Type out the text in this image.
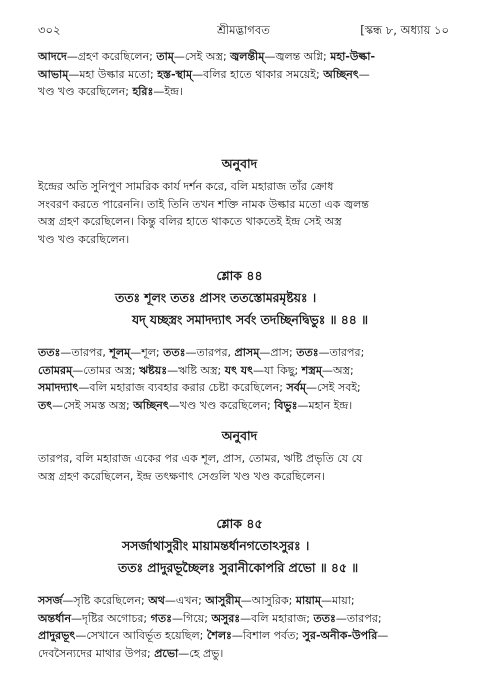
৩০২	শ্রীমদ্ভাগবত	[স্কন্ধ ৮, অধ্যায় ১০
আদদে—গ্রহণ করেছিলেন; তাম্—সেই অস্ত্র; জ্বলন্তীম্—জ্বলন্ত অগ্নি; মহা-উল্কা-
আভাম্—মহা উল্কার মতো; হস্ত-স্থাম্—বলির হাতে থাকার সময়েই; অচ্ছিনৎ—
খণ্ড খণ্ড করেছিলেন; হরিঃ—ইন্দ্র।
অনুবাদ
ইন্দ্রের অতি সুনিপুণ সামরিক কার্য দর্শন করে, বলি মহারাজ তাঁর ক্রোধ
সংবরণ করতে পারেননি। তাই তিনি তখন শক্তি নামক উল্কার মতো এক জ্বলন্ত
অস্ত্র গ্রহণ করেছিলেন। কিন্তু বলির হাতে থাকতে থাকতেই ইন্দ্র সেই অস্ত্র
খণ্ড খণ্ড করেছিলেন।
শ্লোক ৪৪
ততঃ শূলং ততঃ প্রাসং ততস্তোমরমৃষ্টয়ঃ ।
যদ্ যচ্ছস্ত্রং সমাদদ্যাৎ সর্বং তদচ্ছিনদ্বিভুঃ ॥ ৪৪ ॥
ততঃ—তারপর, শূলম্—শূল; ততঃ—তারপর, প্রাসম্—প্রাস; ততঃ—তারপর;
তোমরম্—তোমর অস্ত্র; ঋষ্টয়ঃ—ঋষ্টি অস্ত্র; যৎ যৎ—যা কিছু; শস্ত্রম্—অস্ত্র;
সমাদদ্যাৎ—বলি মহারাজ ব্যবহার করার চেষ্টা করেছিলেন; সর্বম্—সেই সবই;
তৎ—সেই সমস্ত অস্ত্র; অচ্ছিনৎ—খণ্ড খণ্ড করেছিলেন; বিভুঃ—মহান ইন্দ্র।
অনুবাদ
তারপর, বলি মহারাজ একের পর এক শূল, প্রাস, তোমর, ঋষ্টি প্রভৃতি যে যে
অস্ত্র গ্রহণ করেছিলেন, ইন্দ্র তৎক্ষণাৎ সেগুলি খণ্ড খণ্ড করেছিলেন।
শ্লোক ৪৫
সসর্জাথাসুরীং মায়ামন্তর্ধানগতোঽসুরঃ ।
ততঃ প্রাদুরভূচ্ছৈলঃ সুরানীকোপরি প্রভো ॥ ৪৫ ॥
সসর্জ—সৃষ্টি করেছিলেন; অথ—এখন; আসুরীম্—আসুরিক; মায়াম্—মায়া;
অন্তর্ধান—দৃষ্টির অগোচর; গতঃ—গিয়ে; অসুরঃ—বলি মহারাজ; ততঃ—তারপর;
প্রাদুরভূৎ—সেখানে আবির্ভূত হয়েছিল; শৈলঃ—বিশাল পর্বত; সুর-অনীক-উপরি—
দেবসৈন্যদের মাথার উপর; প্রভো—হে প্রভু।
